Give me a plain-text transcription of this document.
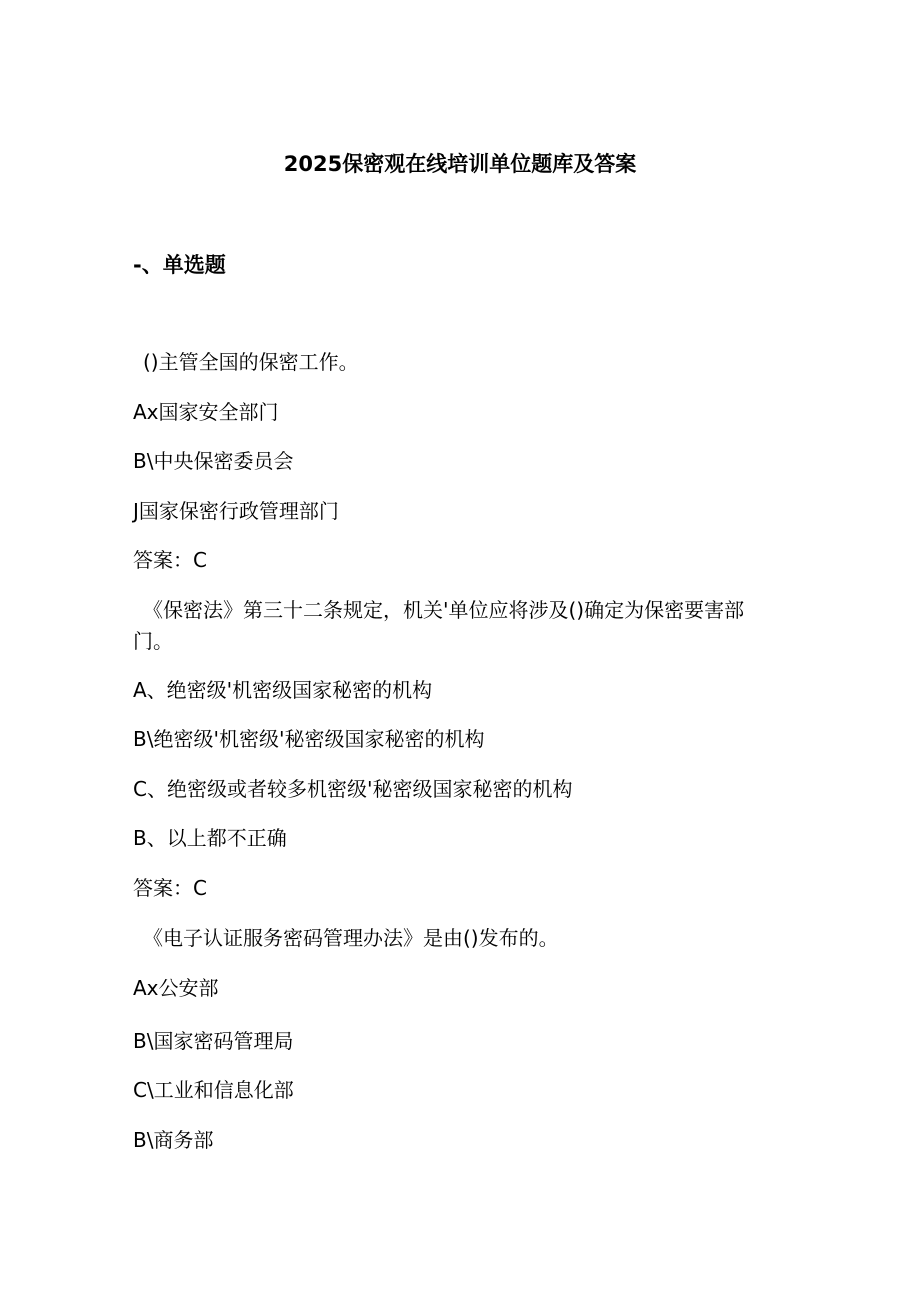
2025保密观在线培训单位题库及答案
-、单选题
()主管全国的保密工作。
Ax国家安全部门
B\中央保密委员会
J国家保密行政管理部门
答案：C
《保密法》第三十二条规定，机关'单位应将涉及()确定为保密要害部门。
A、绝密级'机密级国家秘密的机构
B\绝密级'机密级'秘密级国家秘密的机构
C、绝密级或者较多机密级'秘密级国家秘密的机构
B、以上都不正确
答案：C
《电子认证服务密码管理办法》是由()发布的。
Ax公安部
B\国家密码管理局
C\工业和信息化部
B\商务部
